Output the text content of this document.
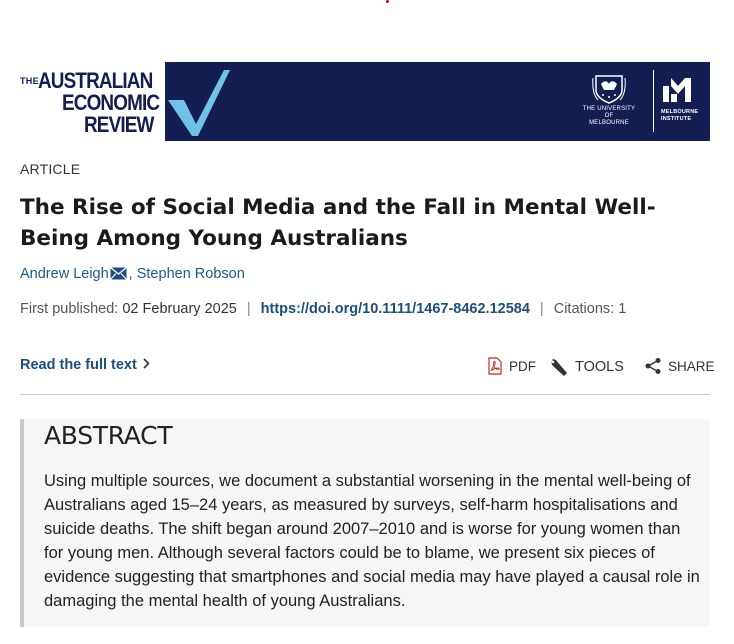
THE AUSTRALIAN
ECONOMIC
REVIEW
THE UNIVERSITY OF
MELBOURNE
MELBOURNE
INSTITUTE
ARTICLE
The Rise of Social Media and the Fall in Mental Well-Being Among Young Australians
Andrew Leigh , Stephen Robson
First published: 02 February 2025 | https://doi.org/10.1111/1467-8462.12584 | Citations: 1
Read the full text	PDF	TOOLS	SHARE
ABSTRACT

Using multiple sources, we document a substantial worsening in the mental well-being of Australians aged 15–24 years, as measured by surveys, self-harm hospitalisations and suicide deaths. The shift began around 2007–2010 and is worse for young women than for young men. Although several factors could be to blame, we present six pieces of evidence suggesting that smartphones and social media may have played a causal role in damaging the mental health of young Australians.
